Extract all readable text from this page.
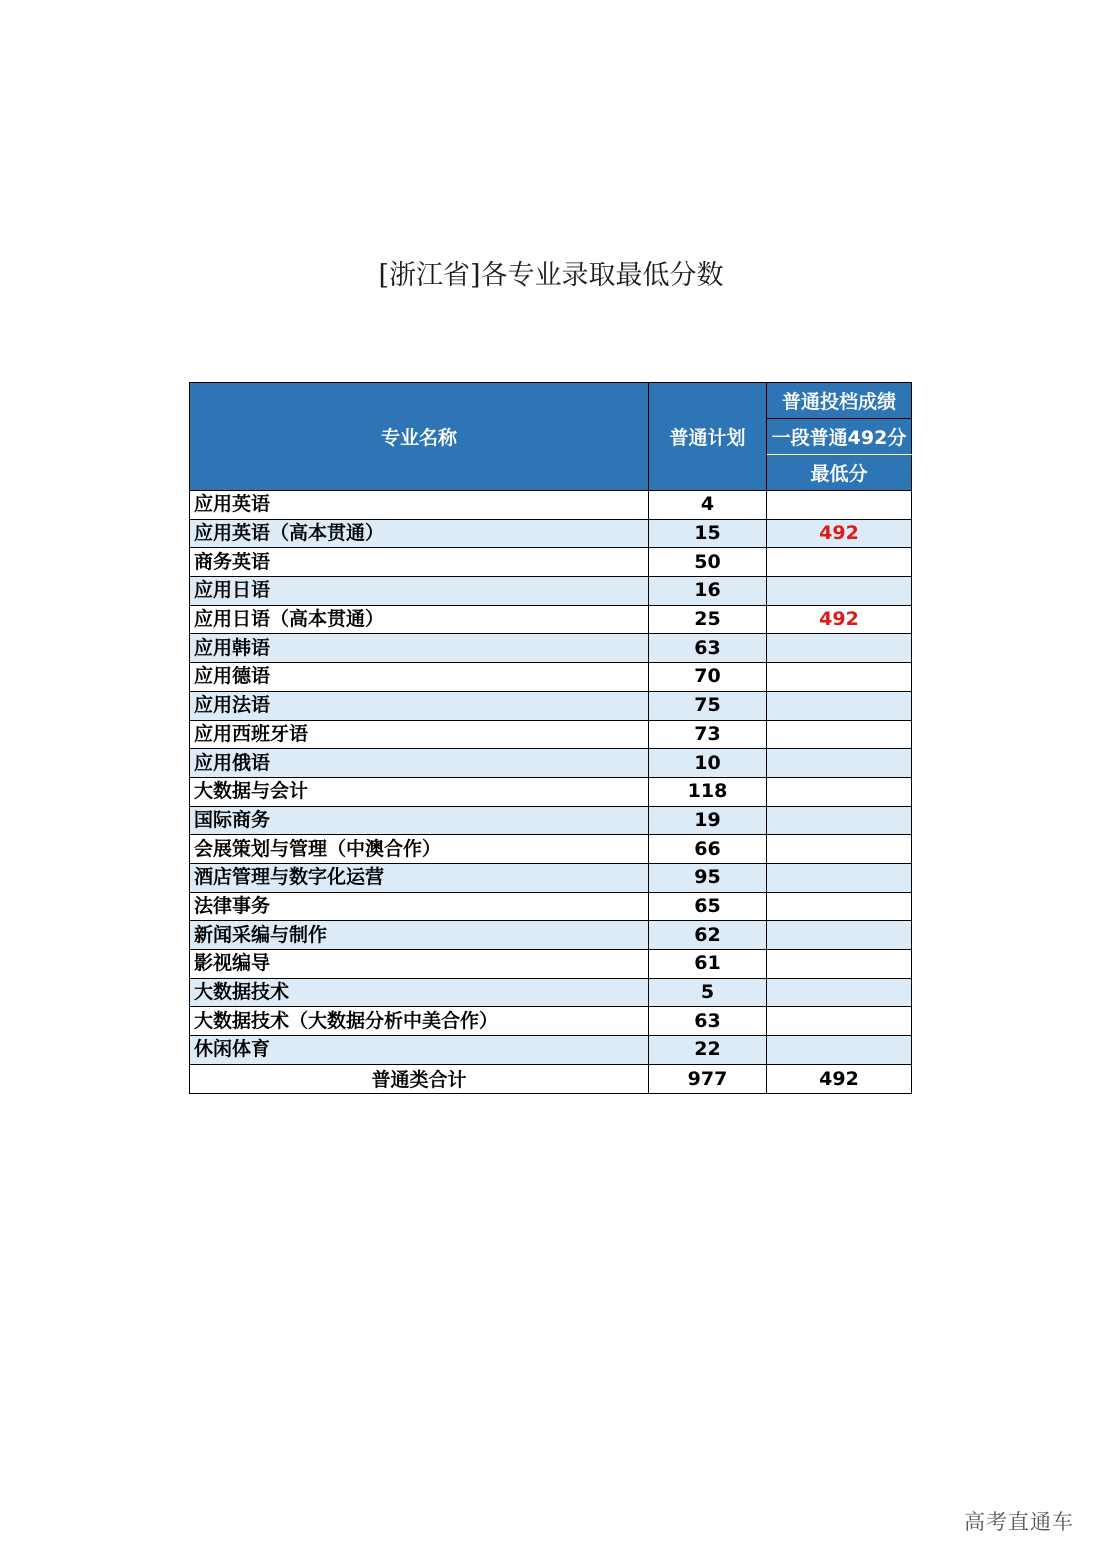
[浙江省]各专业录取最低分数
专业名称	普通计划	普通投档成绩
		一段普通492分
		最低分
应用英语	4	
应用英语（高本贯通）	15	492
商务英语	50	
应用日语	16	
应用日语（高本贯通）	25	492
应用韩语	63	
应用德语	70	
应用法语	75	
应用西班牙语	73	
应用俄语	10	
大数据与会计	118	
国际商务	19	
会展策划与管理（中澳合作）	66	
酒店管理与数字化运营	95	
法律事务	65	
新闻采编与制作	62	
影视编导	61	
大数据技术	5	
大数据技术（大数据分析中美合作）	63	
休闲体育	22	
普通类合计	977	492
高考直通车
